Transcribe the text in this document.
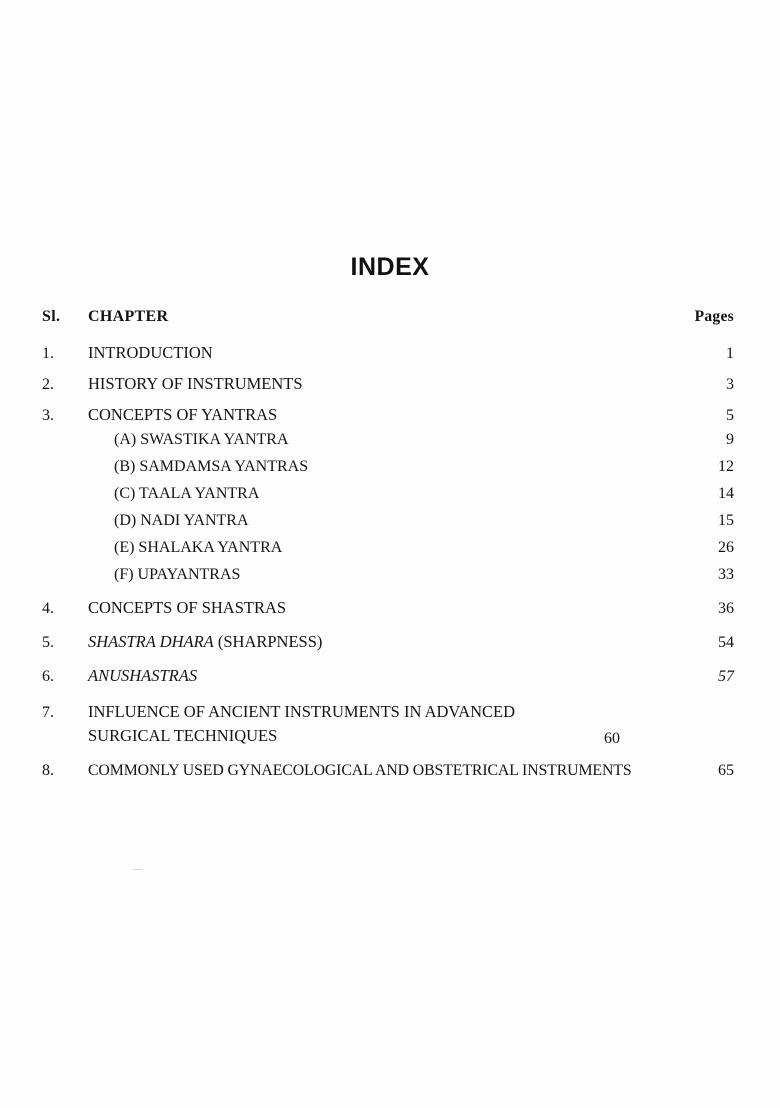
INDEX
Sl.	CHAPTER	Pages
1.	INTRODUCTION	1
2.	HISTORY OF INSTRUMENTS	3
3.	CONCEPTS OF YANTRAS	5
(A) SWASTIKA YANTRA	9
(B) SAMDAMSA YANTRAS	12
(C) TAALA YANTRA	14
(D) NADI YANTRA	15
(E) SHALAKA YANTRA	26
(F) UPAYANTRAS	33
4.	CONCEPTS OF SHASTRAS	36
5.	SHASTRA DHARA (SHARPNESS)	54
6.	ANUSHASTRAS	57
7.	INFLUENCE OF ANCIENT INSTRUMENTS IN ADVANCED SURGICAL TECHNIQUES	60
8.	COMMONLY USED GYNAECOLOGICAL AND OBSTETRICAL INSTRUMENTS	65
